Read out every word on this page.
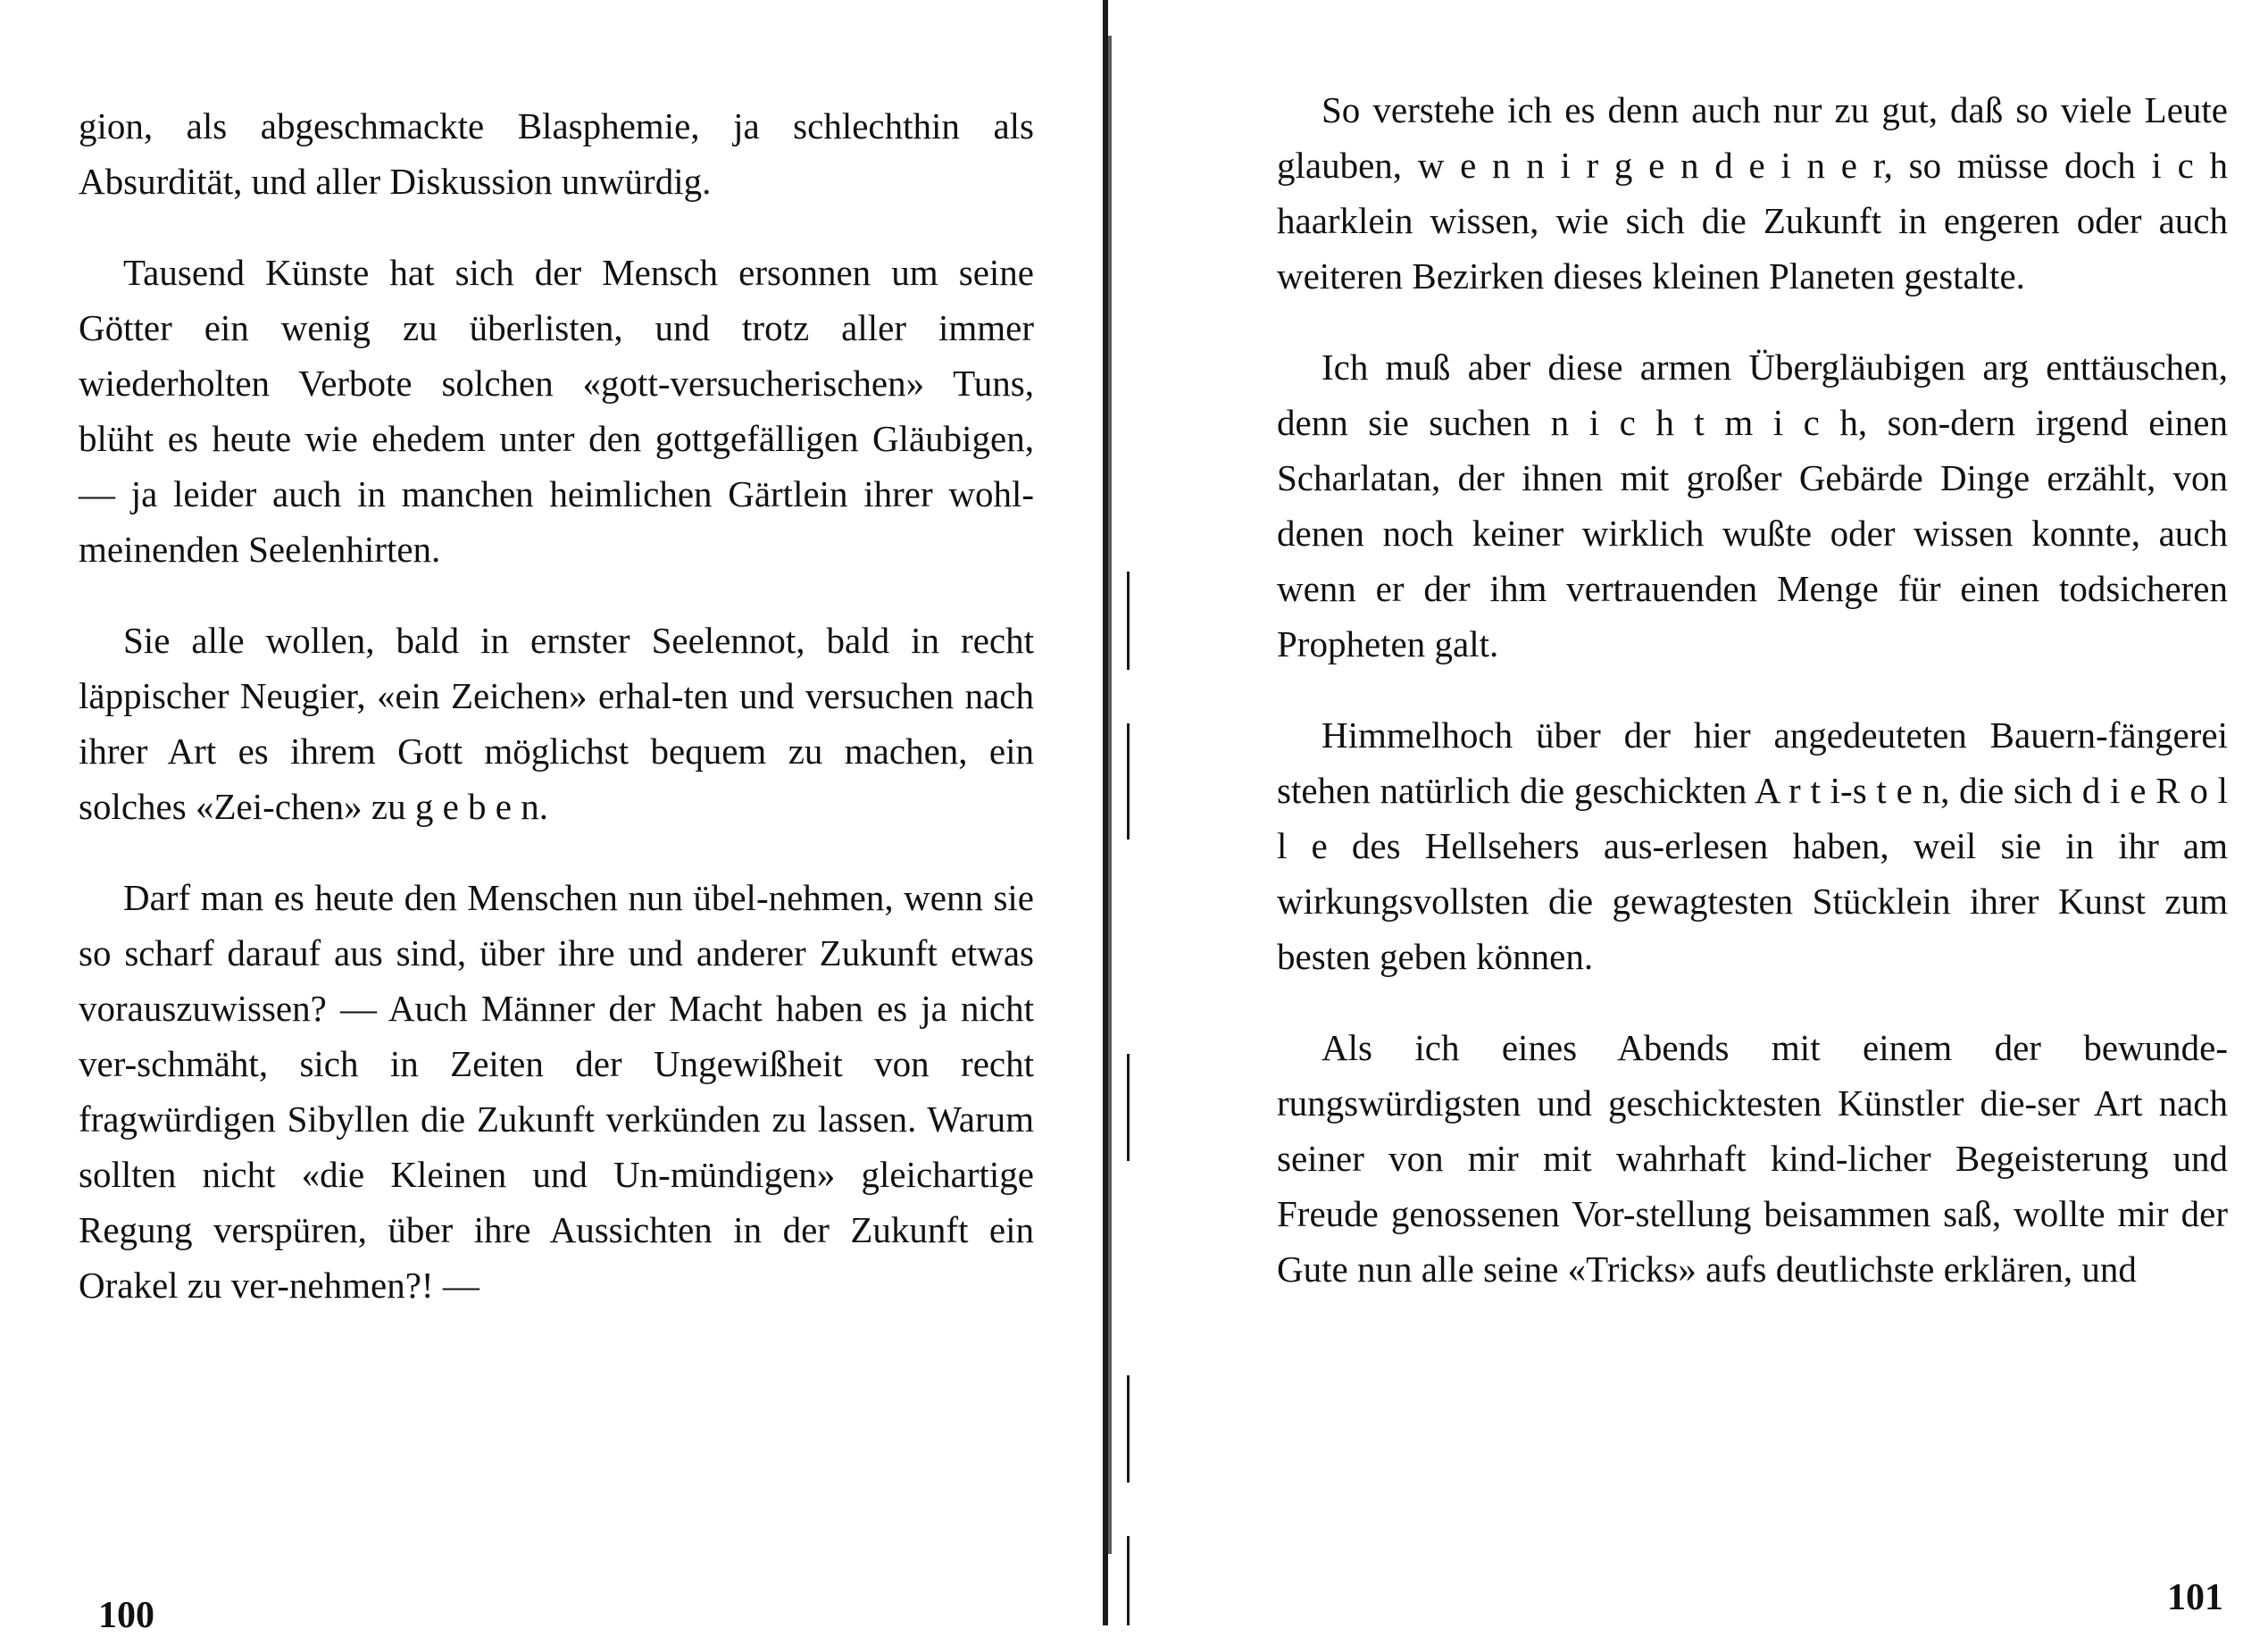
gion, als abgeschmackte Blasphemie, ja schlechthin als Absurdität, und aller Diskussion unwürdig.

Tausend Künste hat sich der Mensch ersonnen um seine Götter ein wenig zu überlisten, und trotz aller immer wiederholten Verbote solchen «gott-versucherischen» Tuns, blüht es heute wie ehedem unter den gottgefälligen Gläubigen, — ja leider auch in manchen heimlichen Gärtlein ihrer wohl-meinenden Seelenhirten.

Sie alle wollen, bald in ernster Seelennot, bald in recht läppischer Neugier, «ein Zeichen» erhal-ten und versuchen nach ihrer Art es ihrem Gott möglichst bequem zu machen, ein solches «Zei-chen» zu g e b e n.

Darf man es heute den Menschen nun übel-nehmen, wenn sie so scharf darauf aus sind, über ihre und anderer Zukunft etwas vorauszuwissen? — Auch Männer der Macht haben es ja nicht ver-schmäht, sich in Zeiten der Ungewißheit von recht fragwürdigen Sibyllen die Zukunft verkünden zu lassen. Warum sollten nicht «die Kleinen und Un-mündigen» gleichartige Regung verspüren, über ihre Aussichten in der Zukunft ein Orakel zu ver-nehmen?! —

100

So verstehe ich es denn auch nur zu gut, daß so viele Leute glauben, w e n n i r g e n d e i n e r, so müsse doch i c h haarklein wissen, wie sich die Zukunft in engeren oder auch weiteren Bezirken dieses kleinen Planeten gestalte.

Ich muß aber diese armen Übergläubigen arg enttäuschen, denn sie suchen n i c h t m i c h, son-dern irgend einen Scharlatan, der ihnen mit großer Gebärde Dinge erzählt, von denen noch keiner wirklich wußte oder wissen konnte, auch wenn er der ihm vertrauenden Menge für einen todsicheren Propheten galt.

Himmelhoch über der hier angedeuteten Bauern-fängerei stehen natürlich die geschickten A r t i-s t e n, die sich d i e R o l l e des Hellsehers aus-erlesen haben, weil sie in ihr am wirkungsvollsten die gewagtesten Stücklein ihrer Kunst zum besten geben können.

Als ich eines Abends mit einem der bewunde-rungswürdigsten und geschicktesten Künstler die-ser Art nach seiner von mir mit wahrhaft kind-licher Begeisterung und Freude genossenen Vor-stellung beisammen saß, wollte mir der Gute nun alle seine «Tricks» aufs deutlichste erklären, und

101
